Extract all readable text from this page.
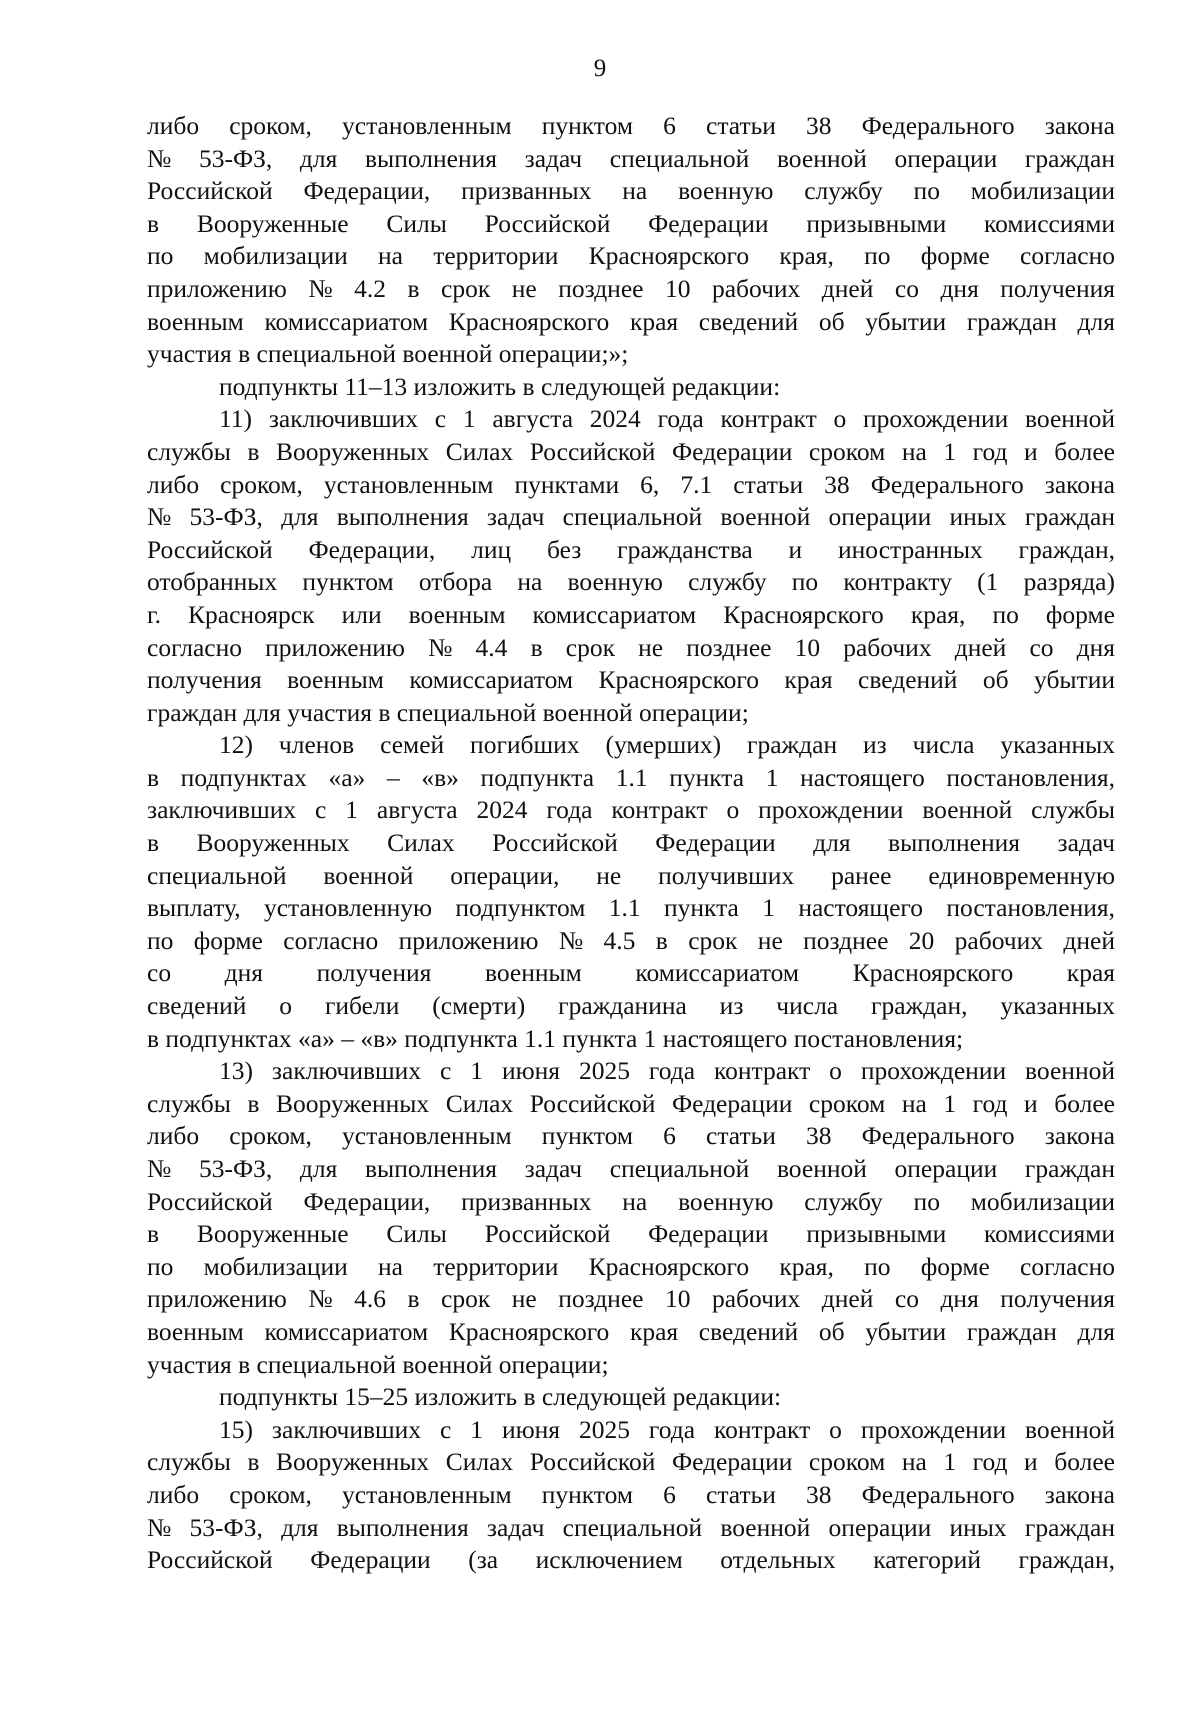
9
либо сроком, установленным пунктом 6 статьи 38 Федерального закона
№ 53-ФЗ, для выполнения задач специальной военной операции граждан
Российской Федерации, призванных на военную службу по мобилизации
в Вооруженные Силы Российской Федерации призывными комиссиями
по мобилизации на территории Красноярского края, по форме согласно
приложению № 4.2 в срок не позднее 10 рабочих дней со дня получения
военным комиссариатом Красноярского края сведений об убытии граждан для
участия в специальной военной операции;»;
подпункты 11–13 изложить в следующей редакции:
11) заключивших с 1 августа 2024 года контракт о прохождении военной
службы в Вооруженных Силах Российской Федерации сроком на 1 год и более
либо сроком, установленным пунктами 6, 7.1 статьи 38 Федерального закона
№ 53-ФЗ, для выполнения задач специальной военной операции иных граждан
Российской Федерации, лиц без гражданства и иностранных граждан,
отобранных пунктом отбора на военную службу по контракту (1 разряда)
г. Красноярск или военным комиссариатом Красноярского края, по форме
согласно приложению № 4.4 в срок не позднее 10 рабочих дней со дня
получения военным комиссариатом Красноярского края сведений об убытии
граждан для участия в специальной военной операции;
12) членов семей погибших (умерших) граждан из числа указанных
в подпунктах «а» – «в» подпункта 1.1 пункта 1 настоящего постановления,
заключивших с 1 августа 2024 года контракт о прохождении военной службы
в Вооруженных Силах Российской Федерации для выполнения задач
специальной военной операции, не получивших ранее единовременную
выплату, установленную подпунктом 1.1 пункта 1 настоящего постановления,
по форме согласно приложению № 4.5 в срок не позднее 20 рабочих дней
со дня получения военным комиссариатом Красноярского края
сведений о гибели (смерти) гражданина из числа граждан, указанных
в подпунктах «а» – «в» подпункта 1.1 пункта 1 настоящего постановления;
13) заключивших с 1 июня 2025 года контракт о прохождении военной
службы в Вооруженных Силах Российской Федерации сроком на 1 год и более
либо сроком, установленным пунктом 6 статьи 38 Федерального закона
№ 53-ФЗ, для выполнения задач специальной военной операции граждан
Российской Федерации, призванных на военную службу по мобилизации
в Вооруженные Силы Российской Федерации призывными комиссиями
по мобилизации на территории Красноярского края, по форме согласно
приложению № 4.6 в срок не позднее 10 рабочих дней со дня получения
военным комиссариатом Красноярского края сведений об убытии граждан для
участия в специальной военной операции;
подпункты 15–25 изложить в следующей редакции:
15) заключивших с 1 июня 2025 года контракт о прохождении военной
службы в Вооруженных Силах Российской Федерации сроком на 1 год и более
либо сроком, установленным пунктом 6 статьи 38 Федерального закона
№ 53-ФЗ, для выполнения задач специальной военной операции иных граждан
Российской Федерации (за исключением отдельных категорий граждан,
